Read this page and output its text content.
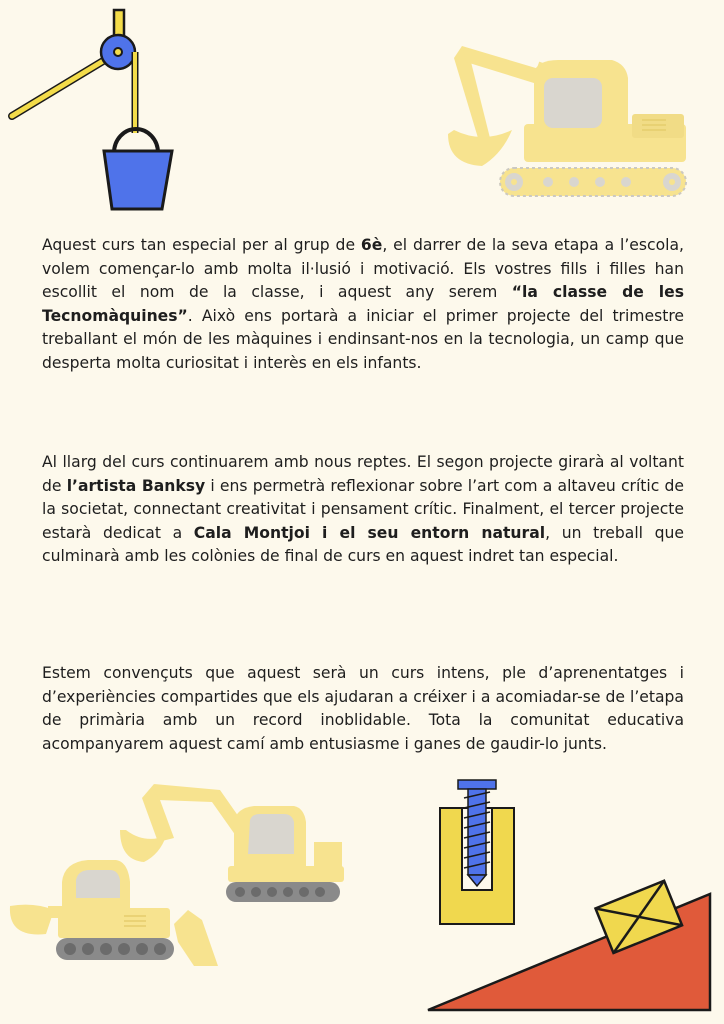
Aquest curs tan especial per al grup de 6è, el darrer de la seva etapa a l’escola, volem començar-lo amb molta il·lusió i motivació. Els vostres fills i filles han escollit el nom de la classe, i aquest any serem “la classe de les Tecnomàquines”. Això ens portarà a iniciar el primer projecte del trimestre treballant el món de les màquines i endinsant-nos en la tecnologia, un camp que desperta molta curiositat i interès en els infants.

Al llarg del curs continuarem amb nous reptes. El segon projecte girarà al voltant de l’artista Banksy i ens permetrà reflexionar sobre l’art com a altaveu crític de la societat, connectant creativitat i pensament crític. Finalment, el tercer projecte estarà dedicat a Cala Montjoi i el seu entorn natural, un treball que culminarà amb les colònies de final de curs en aquest indret tan especial.

Estem convençuts que aquest serà un curs intens, ple d’aprenentatges i d’experiències compartides que els ajudaran a créixer i a acomiadar-se de l’etapa de primària amb un record inoblidable. Tota la comunitat educativa acompanyarem aquest camí amb entusiasme i ganes de gaudir-lo junts.
